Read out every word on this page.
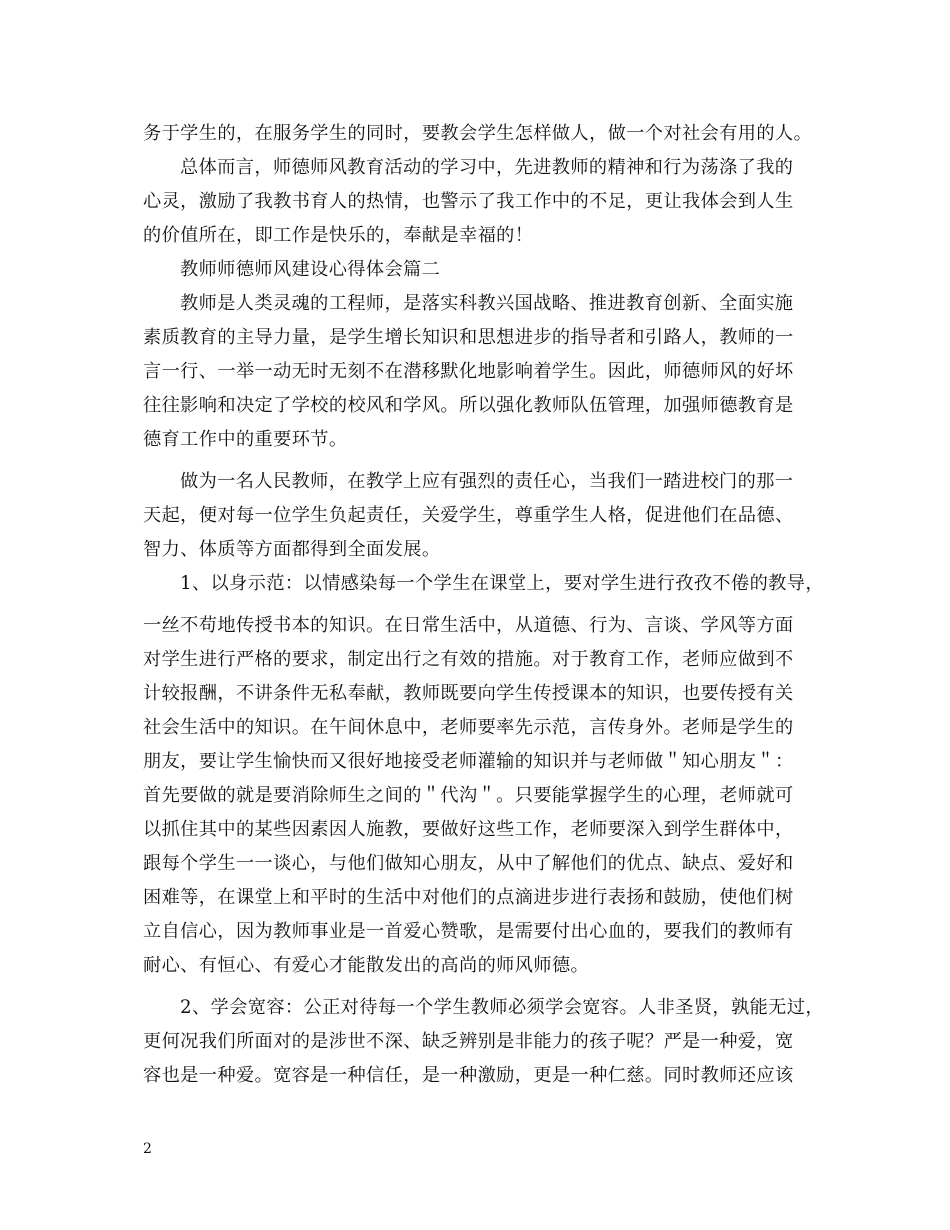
务于学生的，在服务学生的同时，要教会学生怎样做人，做一个对社会有用的人。
总体而言，师德师风教育活动的学习中，先进教师的精神和行为荡涤了我的
心灵，激励了我教书育人的热情，也警示了我工作中的不足，更让我体会到人生
的价值所在，即工作是快乐的，奉献是幸福的！
教师师德师风建设心得体会篇二
教师是人类灵魂的工程师，是落实科教兴国战略、推进教育创新、全面实施
素质教育的主导力量，是学生增长知识和思想进步的指导者和引路人，教师的一
言一行、一举一动无时无刻不在潜移默化地影响着学生。因此，师德师风的好坏
往往影响和决定了学校的校风和学风。所以强化教师队伍管理，加强师德教育是
德育工作中的重要环节。
做为一名人民教师，在教学上应有强烈的责任心，当我们一踏进校门的那一
天起，便对每一位学生负起责任，关爱学生，尊重学生人格，促进他们在品德、
智力、体质等方面都得到全面发展。
1、以身示范：以情感染每一个学生在课堂上，要对学生进行孜孜不倦的教导，
一丝不苟地传授书本的知识。在日常生活中，从道德、行为、言谈、学风等方面
对学生进行严格的要求，制定出行之有效的措施。对于教育工作，老师应做到不
计较报酬，不讲条件无私奉献，教师既要向学生传授课本的知识，也要传授有关
社会生活中的知识。在午间休息中，老师要率先示范，言传身外。老师是学生的
朋友，要让学生愉快而又很好地接受老师灌输的知识并与老师做＂知心朋友＂：
首先要做的就是要消除师生之间的＂代沟＂。只要能掌握学生的心理，老师就可
以抓住其中的某些因素因人施教，要做好这些工作，老师要深入到学生群体中，
跟每个学生一一谈心，与他们做知心朋友，从中了解他们的优点、缺点、爱好和
困难等，在课堂上和平时的生活中对他们的点滴进步进行表扬和鼓励，使他们树
立自信心，因为教师事业是一首爱心赞歌，是需要付出心血的，要我们的教师有
耐心、有恒心、有爱心才能散发出的高尚的师风师德。
2、学会宽容：公正对待每一个学生教师必须学会宽容。人非圣贤，孰能无过，
更何况我们所面对的是涉世不深、缺乏辨别是非能力的孩子呢？严是一种爱，宽
容也是一种爱。宽容是一种信任，是一种激励，更是一种仁慈。同时教师还应该
2
